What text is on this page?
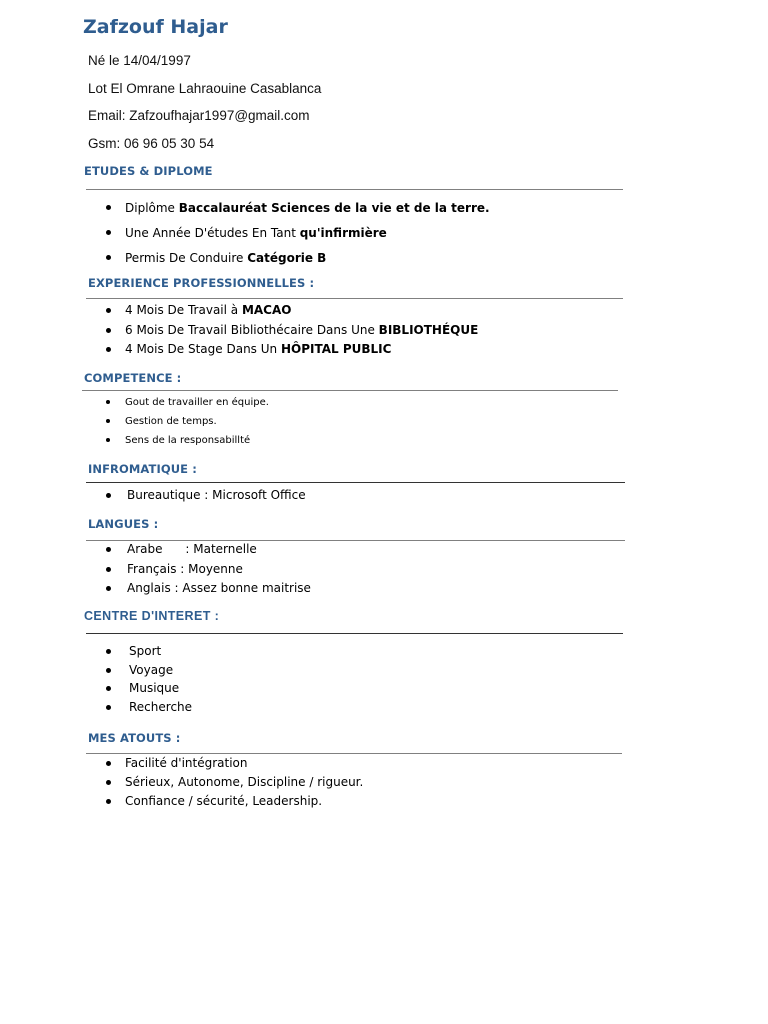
Zafzouf Hajar
Né le 14/04/1997
Lot El Omrane Lahraouine Casablanca
Email: Zafzoufhajar1997@gmail.com
Gsm: 06 96 05 30 54
ETUDES & DIPLOME
Diplôme Baccalauréat Sciences de la vie et de la terre.
Une Année D'études En Tant qu'infirmière
Permis De Conduire Catégorie B
EXPERIENCE PROFESSIONNELLES :
4 Mois De Travail à MACAO
6 Mois De Travail Bibliothécaire Dans Une BIBLIOTHÉQUE
4 Mois De Stage Dans Un HÔPITAL PUBLIC
COMPETENCE :
Gout de travailler en équipe.
Gestion de temps.
Sens de la responsabillté
INFROMATIQUE :
Bureautique : Microsoft Office
LANGUES :
Arabe      : Maternelle
Français : Moyenne
Anglais : Assez bonne maitrise
CENTRE D'INTERET :
Sport
Voyage
Musique
Recherche
MES ATOUTS :
Facilité d'intégration
Sérieux, Autonome, Discipline / rigueur.
Confiance / sécurité, Leadership.
